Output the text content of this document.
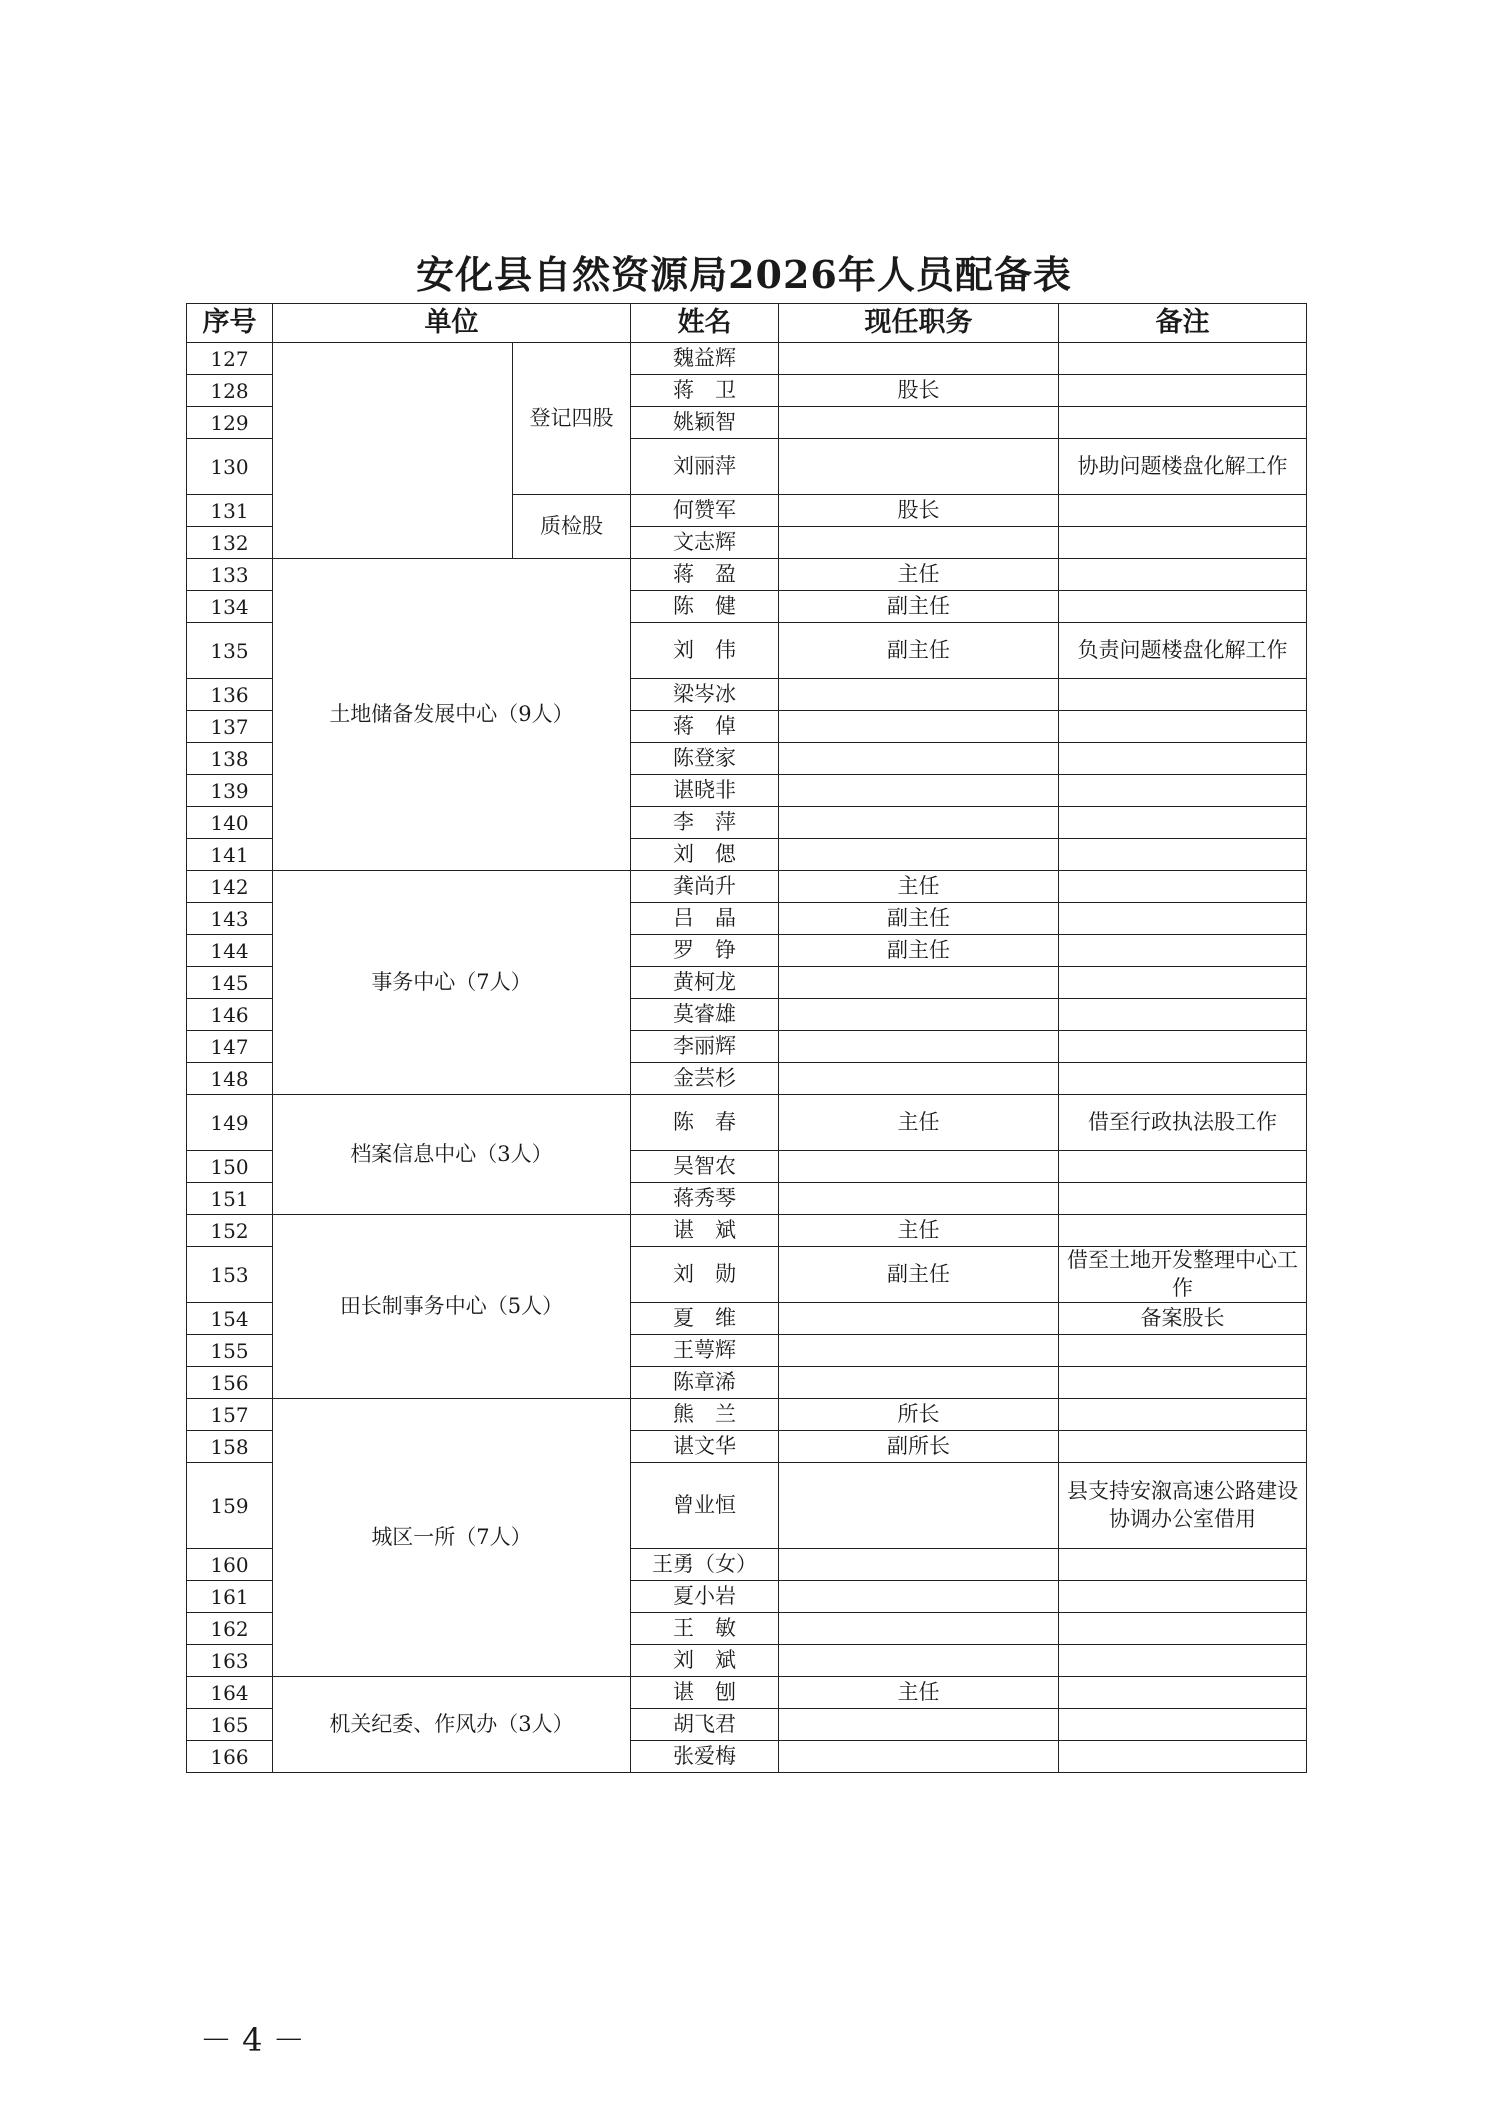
安化县自然资源局2026年人员配备表
序号	单位		姓名	现任职务	备注
127		登记四股	魏益辉		
128			蒋　卫	股长	
129			姚颖智		
130			刘丽萍		协助问题楼盘化解工作
131		质检股	何赞军	股长	
132			文志辉		
133	土地储备发展中心（9人）		蒋　盈	主任	
134			陈　健	副主任	
135			刘　伟	副主任	负责问题楼盘化解工作
136			梁岑冰		
137			蒋　倬		
138			陈登家		
139			谌晓非		
140			李　萍		
141			刘　偲		
142	事务中心（7人）		龚尚升	主任	
143			吕　晶	副主任	
144			罗　铮	副主任	
145			黄柯龙		
146			莫睿雄		
147			李丽辉		
148			金芸杉		
149	档案信息中心（3人）		陈　春	主任	借至行政执法股工作
150			吴智农		
151			蒋秀琴		
152	田长制事务中心（5人）		谌　斌	主任	
153			刘　勋	副主任	借至土地开发整理中心工作
154			夏　维		备案股长
155			王萼辉		
156			陈章浠		
157	城区一所（7人）		熊　兰	所长	
158			谌文华	副所长	
159			曾业恒		县支持安溆高速公路建设协调办公室借用
160			王勇（女）		
161			夏小岩		
162			王　敏		
163			刘　斌		
164	机关纪委、作风办（3人）		谌　刨	主任	
165			胡飞君		
166			张爱梅		
－ 4 －
